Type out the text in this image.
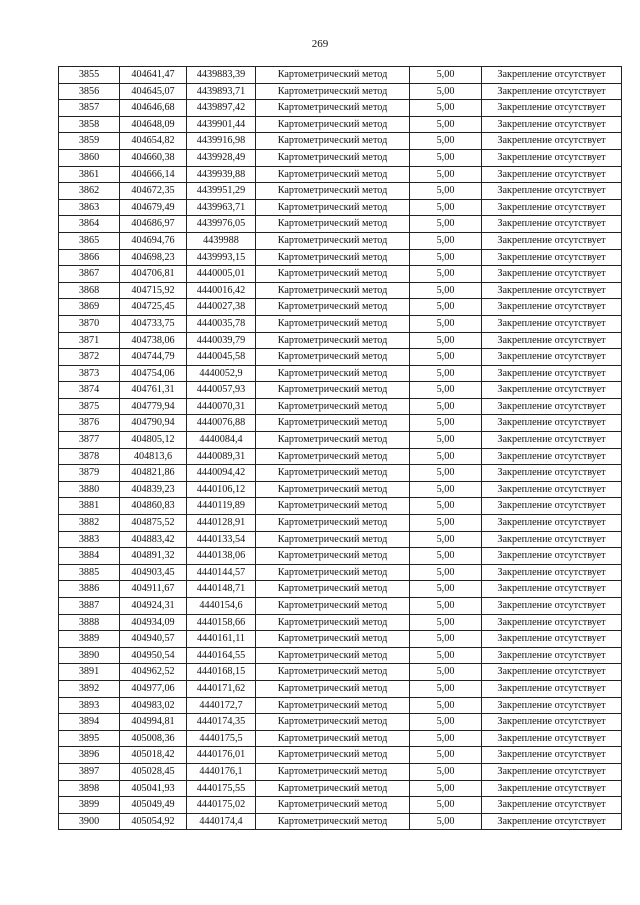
269
3855	404641,47	4439883,39	Картометрический метод	5,00	Закрепление отсутствует
3856	404645,07	4439893,71	Картометрический метод	5,00	Закрепление отсутствует
3857	404646,68	4439897,42	Картометрический метод	5,00	Закрепление отсутствует
3858	404648,09	4439901,44	Картометрический метод	5,00	Закрепление отсутствует
3859	404654,82	4439916,98	Картометрический метод	5,00	Закрепление отсутствует
3860	404660,38	4439928,49	Картометрический метод	5,00	Закрепление отсутствует
3861	404666,14	4439939,88	Картометрический метод	5,00	Закрепление отсутствует
3862	404672,35	4439951,29	Картометрический метод	5,00	Закрепление отсутствует
3863	404679,49	4439963,71	Картометрический метод	5,00	Закрепление отсутствует
3864	404686,97	4439976,05	Картометрический метод	5,00	Закрепление отсутствует
3865	404694,76	4439988	Картометрический метод	5,00	Закрепление отсутствует
3866	404698,23	4439993,15	Картометрический метод	5,00	Закрепление отсутствует
3867	404706,81	4440005,01	Картометрический метод	5,00	Закрепление отсутствует
3868	404715,92	4440016,42	Картометрический метод	5,00	Закрепление отсутствует
3869	404725,45	4440027,38	Картометрический метод	5,00	Закрепление отсутствует
3870	404733,75	4440035,78	Картометрический метод	5,00	Закрепление отсутствует
3871	404738,06	4440039,79	Картометрический метод	5,00	Закрепление отсутствует
3872	404744,79	4440045,58	Картометрический метод	5,00	Закрепление отсутствует
3873	404754,06	4440052,9	Картометрический метод	5,00	Закрепление отсутствует
3874	404761,31	4440057,93	Картометрический метод	5,00	Закрепление отсутствует
3875	404779,94	4440070,31	Картометрический метод	5,00	Закрепление отсутствует
3876	404790,94	4440076,88	Картометрический метод	5,00	Закрепление отсутствует
3877	404805,12	4440084,4	Картометрический метод	5,00	Закрепление отсутствует
3878	404813,6	4440089,31	Картометрический метод	5,00	Закрепление отсутствует
3879	404821,86	4440094,42	Картометрический метод	5,00	Закрепление отсутствует
3880	404839,23	4440106,12	Картометрический метод	5,00	Закрепление отсутствует
3881	404860,83	4440119,89	Картометрический метод	5,00	Закрепление отсутствует
3882	404875,52	4440128,91	Картометрический метод	5,00	Закрепление отсутствует
3883	404883,42	4440133,54	Картометрический метод	5,00	Закрепление отсутствует
3884	404891,32	4440138,06	Картометрический метод	5,00	Закрепление отсутствует
3885	404903,45	4440144,57	Картометрический метод	5,00	Закрепление отсутствует
3886	404911,67	4440148,71	Картометрический метод	5,00	Закрепление отсутствует
3887	404924,31	4440154,6	Картометрический метод	5,00	Закрепление отсутствует
3888	404934,09	4440158,66	Картометрический метод	5,00	Закрепление отсутствует
3889	404940,57	4440161,11	Картометрический метод	5,00	Закрепление отсутствует
3890	404950,54	4440164,55	Картометрический метод	5,00	Закрепление отсутствует
3891	404962,52	4440168,15	Картометрический метод	5,00	Закрепление отсутствует
3892	404977,06	4440171,62	Картометрический метод	5,00	Закрепление отсутствует
3893	404983,02	4440172,7	Картометрический метод	5,00	Закрепление отсутствует
3894	404994,81	4440174,35	Картометрический метод	5,00	Закрепление отсутствует
3895	405008,36	4440175,5	Картометрический метод	5,00	Закрепление отсутствует
3896	405018,42	4440176,01	Картометрический метод	5,00	Закрепление отсутствует
3897	405028,45	4440176,1	Картометрический метод	5,00	Закрепление отсутствует
3898	405041,93	4440175,55	Картометрический метод	5,00	Закрепление отсутствует
3899	405049,49	4440175,02	Картометрический метод	5,00	Закрепление отсутствует
3900	405054,92	4440174,4	Картометрический метод	5,00	Закрепление отсутствует
